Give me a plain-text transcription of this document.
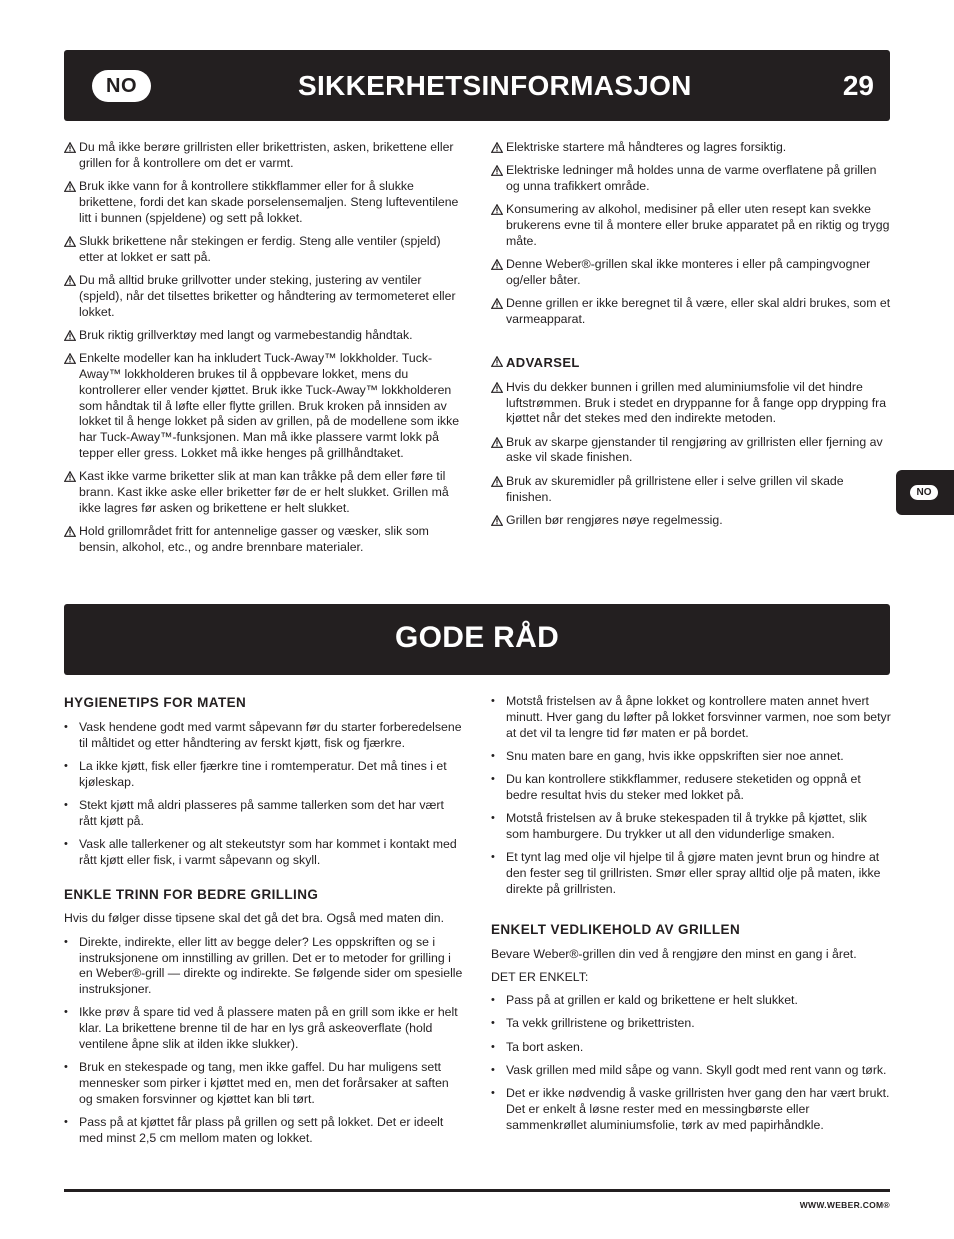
NO	SIKKERHETSINFORMASJON	29
NO
Du må ikke berøre grillristen eller brikettristen, asken, brikettene eller grillen for å kontrollere om det er varmt.
Bruk ikke vann for å kontrollere stikkflammer eller for å slukke brikettene, fordi det kan skade porselensemaljen. Steng lufteventilene litt i bunnen (spjeldene) og sett på lokket.
Slukk brikettene når stekingen er ferdig. Steng alle ventiler (spjeld) etter at lokket er satt på.
Du må alltid bruke grillvotter under steking, justering av ventiler (spjeld), når det tilsettes briketter og håndtering av termometeret eller lokket.
Bruk riktig grillverktøy med langt og varmebestandig håndtak.
Enkelte modeller kan ha inkludert Tuck-Away™ lokkholder. Tuck-Away™ lokkholderen brukes til å oppbevare lokket, mens du kontrollerer eller vender kjøttet. Bruk ikke Tuck-Away™ lokkholderen som håndtak til å løfte eller flytte grillen. Bruk kroken på innsiden av lokket til å henge lokket på siden av grillen, på de modellene som ikke har Tuck-Away™-funksjonen. Man må ikke plassere varmt lokk på tepper eller gress. Lokket må ikke henges på grillhåndtaket.
Kast ikke varme briketter slik at man kan tråkke på dem eller føre til brann. Kast ikke aske eller briketter før de er helt slukket. Grillen må ikke lagres før asken og brikettene er helt slukket.
Hold grillområdet fritt for antennelige gasser og væsker, slik som bensin, alkohol, etc., og andre brennbare materialer.
Elektriske startere må håndteres og lagres forsiktig.
Elektriske ledninger må holdes unna de varme overflatene på grillen og unna trafikkert område.
Konsumering av alkohol, medisiner på eller uten resept kan svekke brukerens evne til å montere eller bruke apparatet på en riktig og trygg måte.
Denne Weber®-grillen skal ikke monteres i eller på campingvogner og/eller båter.
Denne grillen er ikke beregnet til å være, eller skal aldri brukes, som et varmeapparat.
ADVARSEL
Hvis du dekker bunnen i grillen med aluminiumsfolie vil det hindre luftstrømmen. Bruk i stedet en dryppanne for å fange opp drypping fra kjøttet når det stekes med den indirekte metoden.
Bruk av skarpe gjenstander til rengjøring av grillristen eller fjerning av aske vil skade finishen.
Bruk av skuremidler på grillristene eller i selve grillen vil skade finishen.
Grillen bør rengjøres nøye regelmessig.
GODE RÅD
HYGIENETIPS FOR MATEN
• Vask hendene godt med varmt såpevann før du starter forberedelsene til måltidet og etter håndtering av ferskt kjøtt, fisk og fjærkre.
• La ikke kjøtt, fisk eller fjærkre tine i romtemperatur. Det må tines i et kjøleskap.
• Stekt kjøtt må aldri plasseres på samme tallerken som det har vært rått kjøtt på.
• Vask alle tallerkener og alt stekeutstyr som har kommet i kontakt med rått kjøtt eller fisk, i varmt såpevann og skyll.
ENKLE TRINN FOR BEDRE GRILLING
Hvis du følger disse tipsene skal det gå det bra. Også med maten din.
• Direkte, indirekte, eller litt av begge deler? Les oppskriften og se i instruksjonene om innstilling av grillen. Det er to metoder for grilling i en Weber®-grill — direkte og indirekte. Se følgende sider om spesielle instruksjoner.
• Ikke prøv å spare tid ved å plassere maten på en grill som ikke er helt klar. La brikettene brenne til de har en lys grå askeoverflate (hold ventilene åpne slik at ilden ikke slukker).
• Bruk en stekespade og tang, men ikke gaffel. Du har muligens sett mennesker som pirker i kjøttet med en, men det forårsaker at saften og smaken forsvinner og kjøttet kan bli tørt.
• Pass på at kjøttet får plass på grillen og sett på lokket. Det er ideelt med minst 2,5 cm mellom maten og lokket.
• Motstå fristelsen av å åpne lokket og kontrollere maten annet hvert minutt. Hver gang du løfter på lokket forsvinner varmen, noe som betyr at det vil ta lengre tid før maten er på bordet.
• Snu maten bare en gang, hvis ikke oppskriften sier noe annet.
• Du kan kontrollere stikkflammer, redusere steketiden og oppnå et bedre resultat hvis du steker med lokket på.
• Motstå fristelsen av å bruke stekespaden til å trykke på kjøttet, slik som hamburgere. Du trykker ut all den vidunderlige smaken.
• Et tynt lag med olje vil hjelpe til å gjøre maten jevnt brun og hindre at den fester seg til grillristen. Smør eller spray alltid olje på maten, ikke direkte på grillristen.
ENKELT VEDLIKEHOLD AV GRILLEN
Bevare Weber®-grillen din ved å rengjøre den minst en gang i året.
DET ER ENKELT:
• Pass på at grillen er kald og brikettene er helt slukket.
• Ta vekk grillristene og brikettristen.
• Ta bort asken.
• Vask grillen med mild såpe og vann. Skyll godt med rent vann og tørk.
• Det er ikke nødvendig å vaske grillristen hver gang den har vært brukt. Det er enkelt å løsne rester med en messingbørste eller sammenkrøllet aluminiumsfolie, tørk av med papirhåndkle.
WWW.WEBER.COM®
